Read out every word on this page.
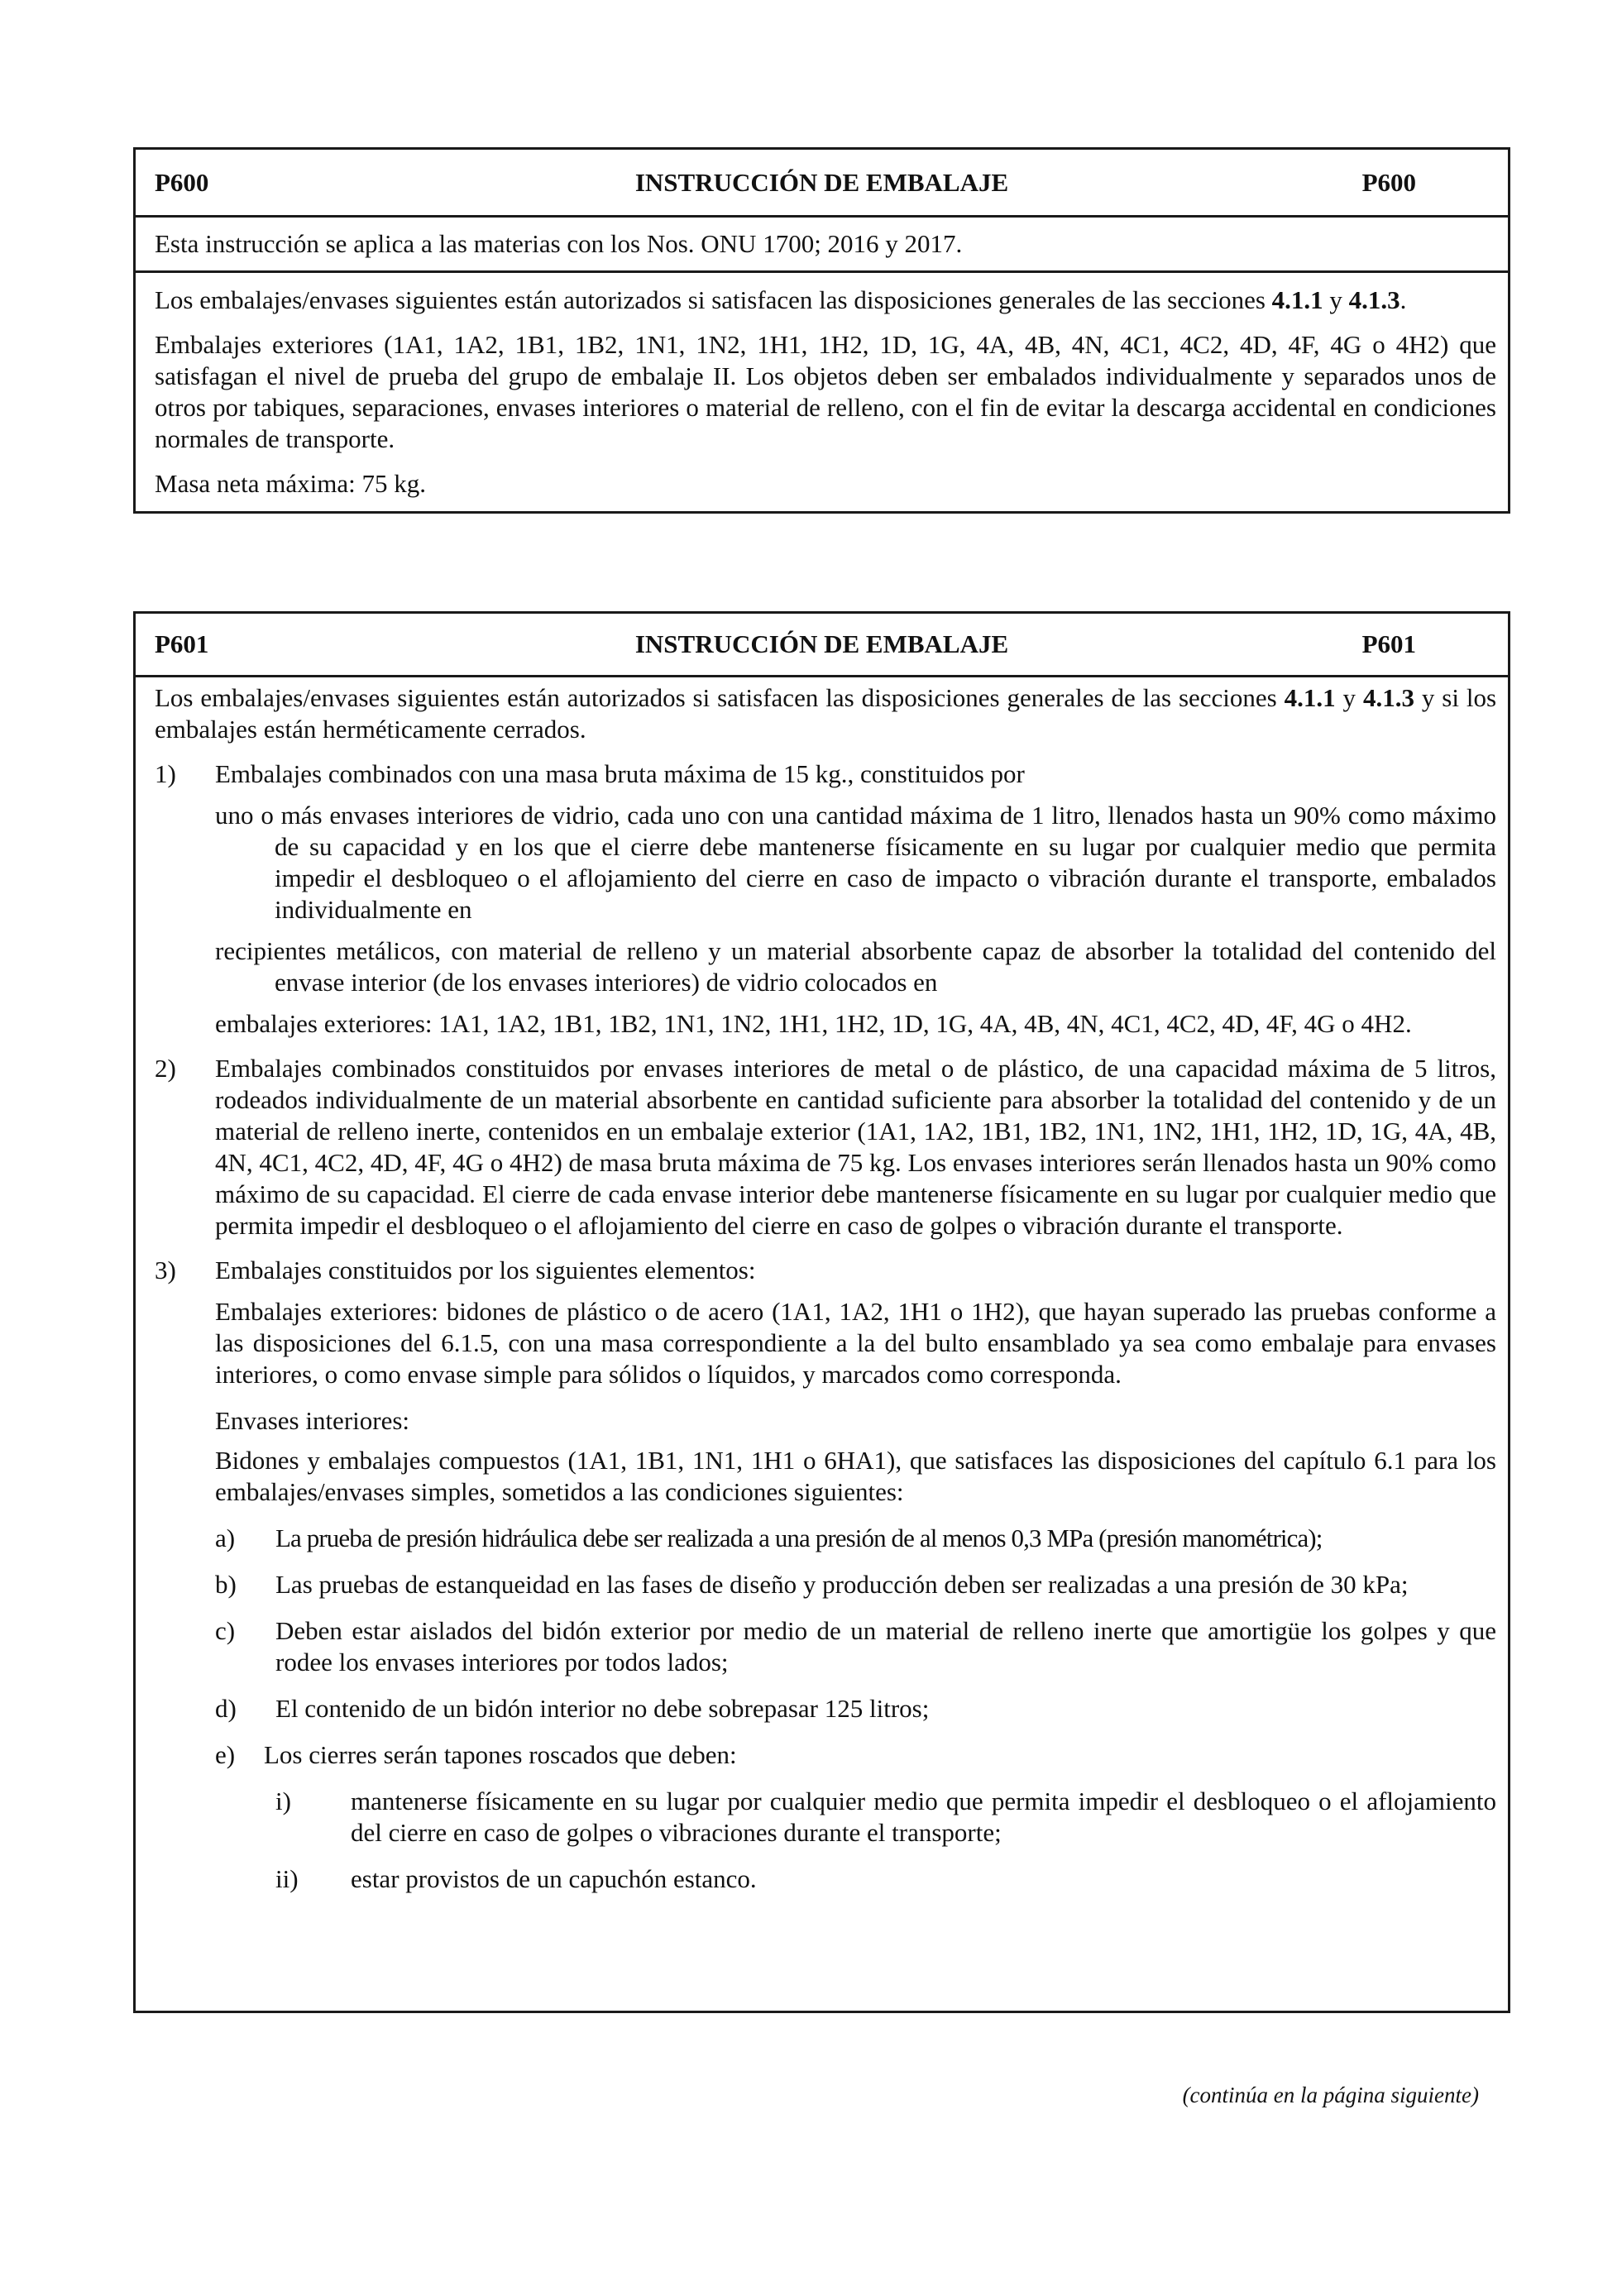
P600	INSTRUCCIÓN DE EMBALAJE	P600

Esta instrucción se aplica a las materias con los Nos. ONU 1700; 2016 y 2017.

Los embalajes/envases siguientes están autorizados si satisfacen las disposiciones generales de las secciones 4.1.1 y 4.1.3.

Embalajes exteriores (1A1, 1A2, 1B1, 1B2, 1N1, 1N2, 1H1, 1H2, 1D, 1G, 4A, 4B, 4N, 4C1, 4C2, 4D, 4F, 4G o 4H2) que satisfagan el nivel de prueba del grupo de embalaje II. Los objetos deben ser embalados individualmente y separados unos de otros por tabiques, separaciones, envases interiores o material de relleno, con el fin de evitar la descarga accidental en condiciones normales de transporte.

Masa neta máxima: 75 kg.

P601	INSTRUCCIÓN DE EMBALAJE	P601

Los embalajes/envases siguientes están autorizados si satisfacen las disposiciones generales de las secciones 4.1.1 y 4.1.3 y si los embalajes están herméticamente cerrados.

1)	Embalajes combinados con una masa bruta máxima de 15 kg., constituidos por

uno o más envases interiores de vidrio, cada uno con una cantidad máxima de 1 litro, llenados hasta un 90% como máximo de su capacidad y en los que el cierre debe mantenerse físicamente en su lugar por cualquier medio que permita impedir el desbloqueo o el aflojamiento del cierre en caso de impacto o vibración durante el transporte, embalados individualmente en

recipientes metálicos, con material de relleno y un material absorbente capaz de absorber la totalidad del contenido del envase interior (de los envases interiores) de vidrio colocados en

embalajes exteriores: 1A1, 1A2, 1B1, 1B2, 1N1, 1N2, 1H1, 1H2, 1D, 1G, 4A, 4B, 4N, 4C1, 4C2, 4D, 4F, 4G o 4H2.

2)	Embalajes combinados constituidos por envases interiores de metal o de plástico, de una capacidad máxima de 5 litros, rodeados individualmente de un material absorbente en cantidad suficiente para absorber la totalidad del contenido y de un material de relleno inerte, contenidos en un embalaje exterior (1A1, 1A2, 1B1, 1B2, 1N1, 1N2, 1H1, 1H2, 1D, 1G, 4A, 4B, 4N, 4C1, 4C2, 4D, 4F, 4G o 4H2) de masa bruta máxima de 75 kg. Los envases interiores serán llenados hasta un 90% como máximo de su capacidad. El cierre de cada envase interior debe mantenerse físicamente en su lugar por cualquier medio que permita impedir el desbloqueo o el aflojamiento del cierre en caso de golpes o vibración durante el transporte.

3)	Embalajes constituidos por los siguientes elementos:

Embalajes exteriores: bidones de plástico o de acero (1A1, 1A2, 1H1 o 1H2), que hayan superado las pruebas conforme a las disposiciones del 6.1.5, con una masa correspondiente a la del bulto ensamblado ya sea como embalaje para envases interiores, o como envase simple para sólidos o líquidos, y marcados como corresponda.

Envases interiores:

Bidones y embalajes compuestos (1A1, 1B1, 1N1, 1H1 o 6HA1), que satisfaces las disposiciones del capítulo 6.1 para los embalajes/envases simples, sometidos a las condiciones siguientes:

a)	La prueba de presión hidráulica debe ser realizada a una presión de al menos 0,3 MPa (presión manométrica);
b)	Las pruebas de estanqueidad en las fases de diseño y producción deben ser realizadas a una presión de 30 kPa;
c)	Deben estar aislados del bidón exterior por medio de un material de relleno inerte que amortigüe los golpes y que rodee los envases interiores por todos lados;
d)	El contenido de un bidón interior no debe sobrepasar 125 litros;
e)	Los cierres serán tapones roscados que deben:
i)	mantenerse físicamente en su lugar por cualquier medio que permita impedir el desbloqueo o el aflojamiento del cierre en caso de golpes o vibraciones durante el transporte;
ii)	estar provistos de un capuchón estanco.
(continúa en la página siguiente)
